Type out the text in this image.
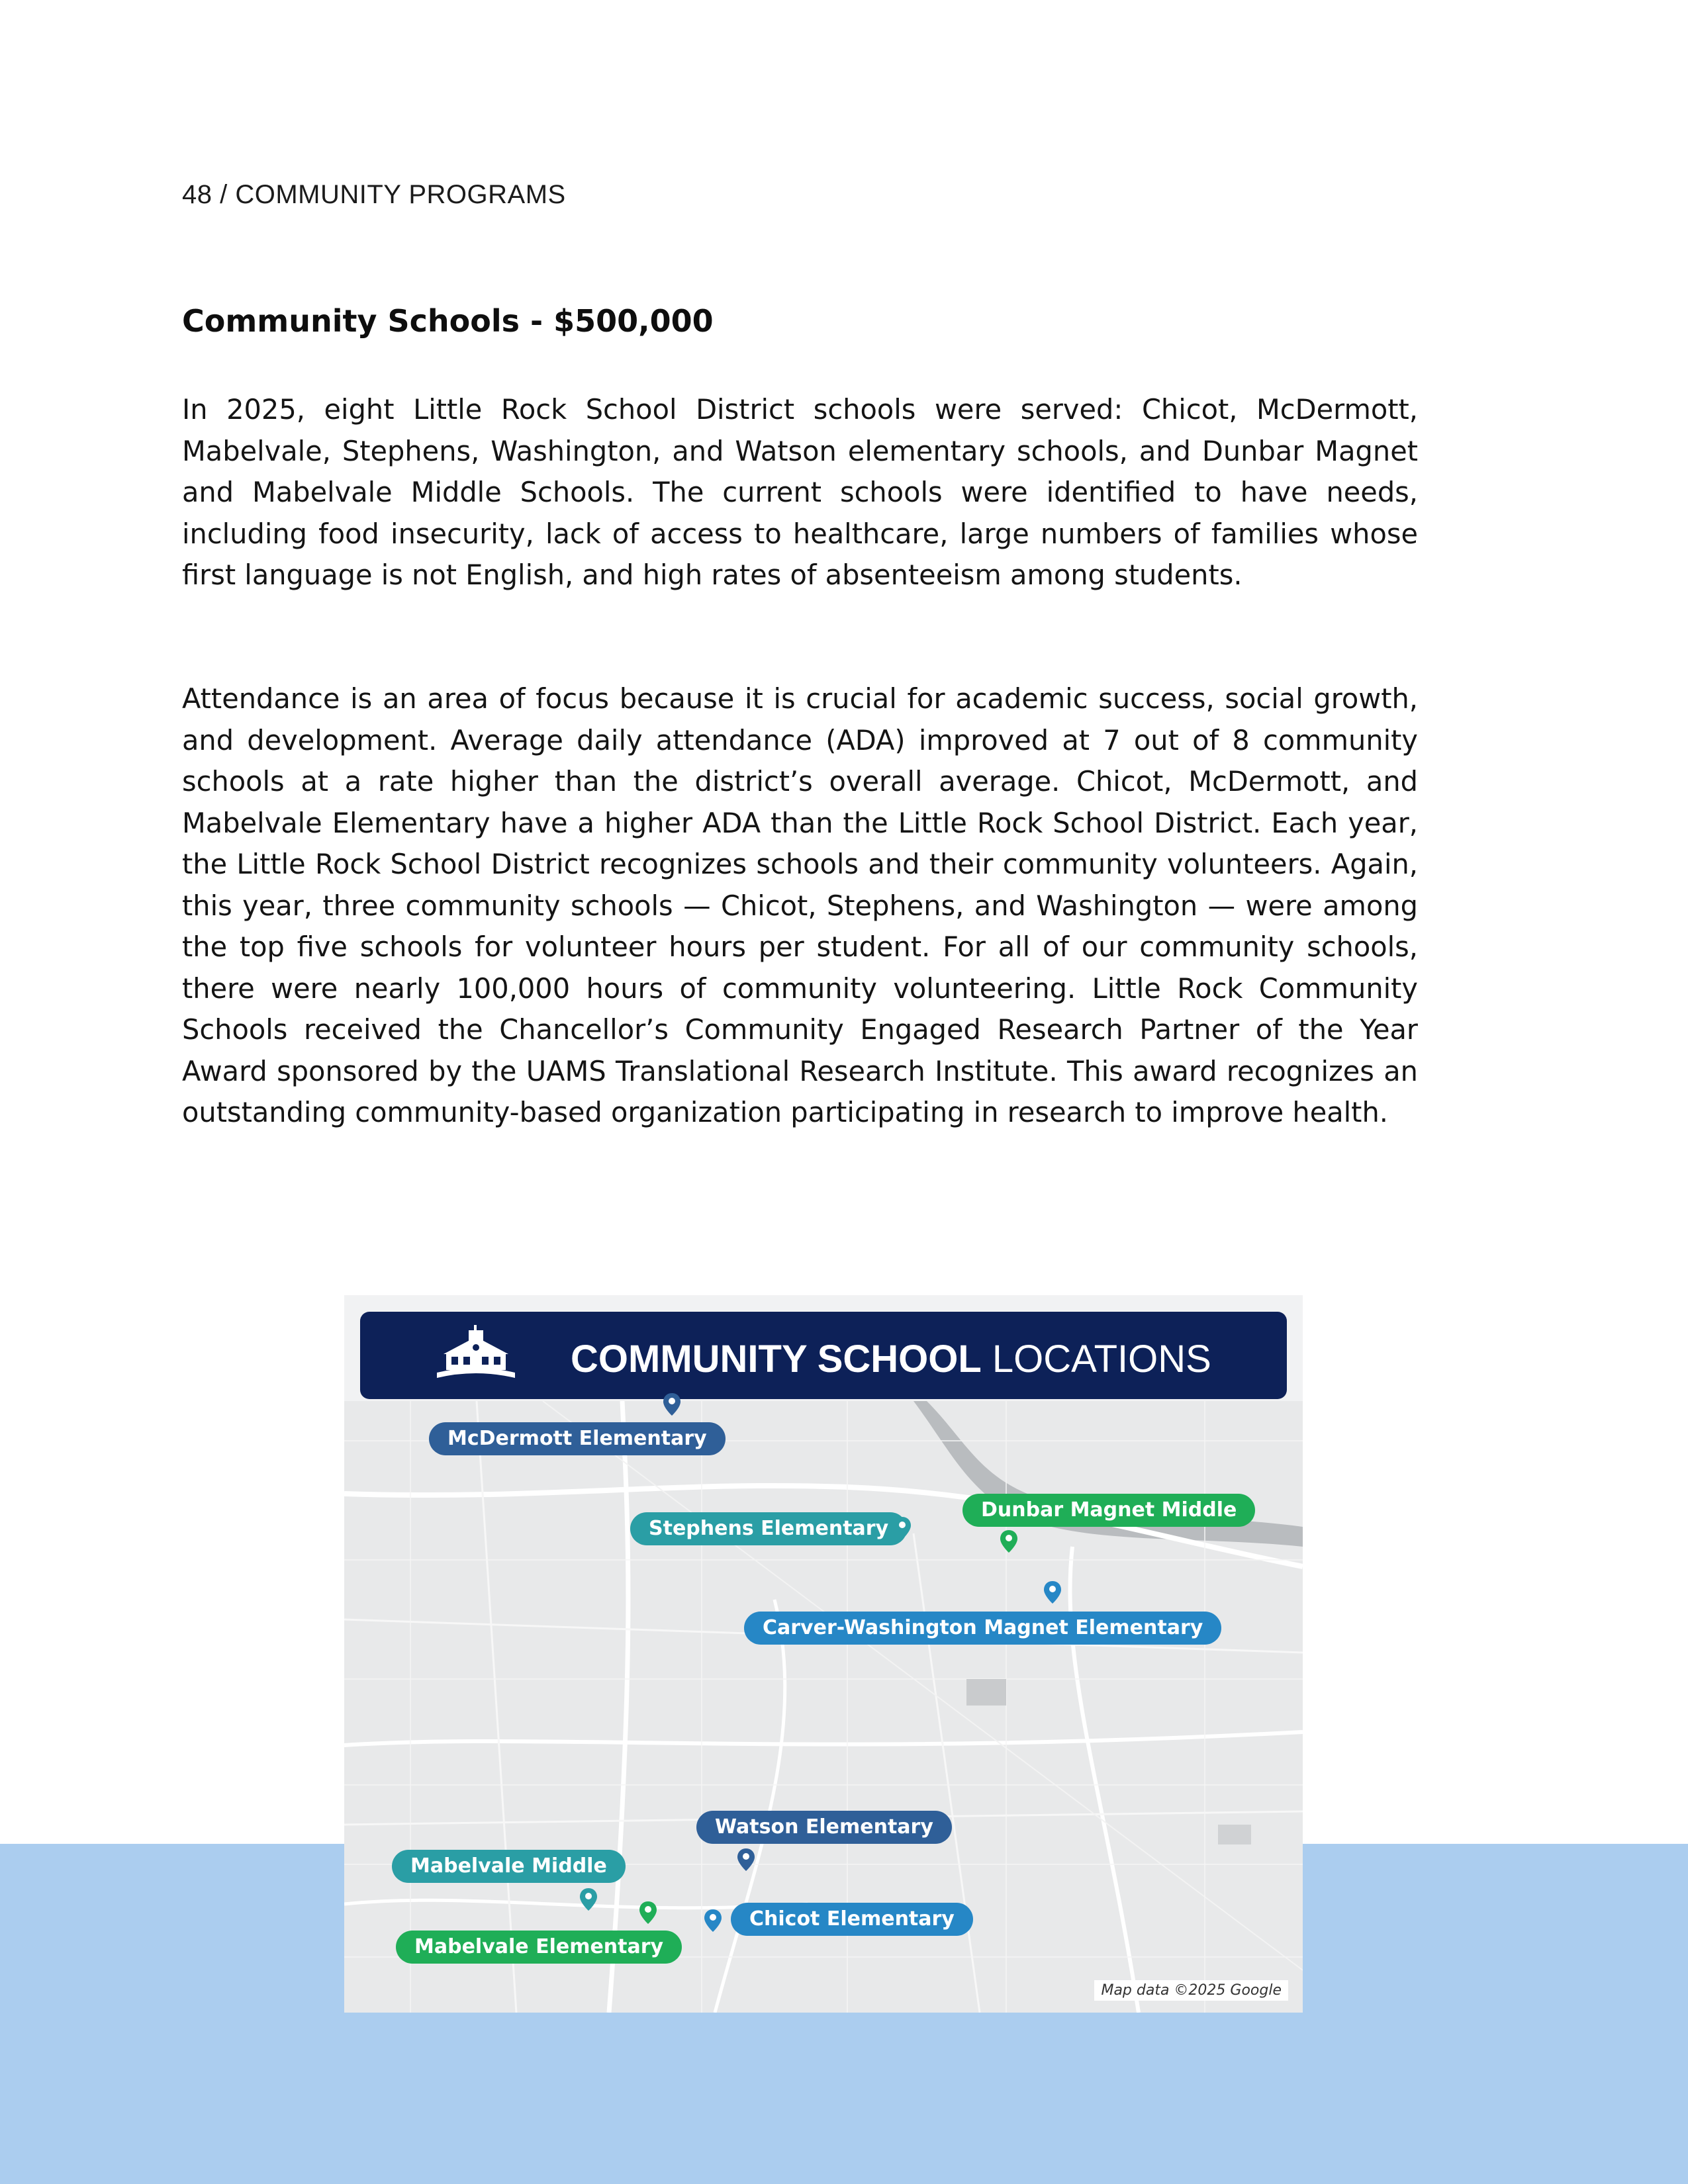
48 / COMMUNITY PROGRAMS
Community Schools - $500,000

In 2025, eight Little Rock School District schools were served: Chicot, McDermott, Mabelvale, Stephens, Washington, and Watson elementary schools, and Dunbar Magnet and Mabelvale Middle Schools. The current schools were identified to have needs, including food insecurity, lack of access to healthcare, large numbers of families whose first language is not English, and high rates of absenteeism among students.

Attendance is an area of focus because it is crucial for academic success, social growth, and development. Average daily attendance (ADA) improved at 7 out of 8 community schools at a rate higher than the district’s overall average. Chicot, McDermott, and Mabelvale Elementary have a higher ADA than the Little Rock School District. Each year, the Little Rock School District recognizes schools and their community volunteers. Again, this year, three community schools — Chicot, Stephens, and Washington — were among the top five schools for volunteer hours per student. For all of our community schools, there were nearly 100,000 hours of community volunteering. Little Rock Community Schools received the Chancellor’s Community Engaged Research Partner of the Year Award sponsored by the UAMS Translational Research Institute. This award recognizes an outstanding community-based organization participating in research to improve health.

COMMUNITY SCHOOL LOCATIONS
McDermott Elementary
Stephens Elementary
Dunbar Magnet Middle
Carver-Washington Magnet Elementary
Watson Elementary
Mabelvale Middle
Chicot Elementary
Mabelvale Elementary
Map data ©2025 Google
